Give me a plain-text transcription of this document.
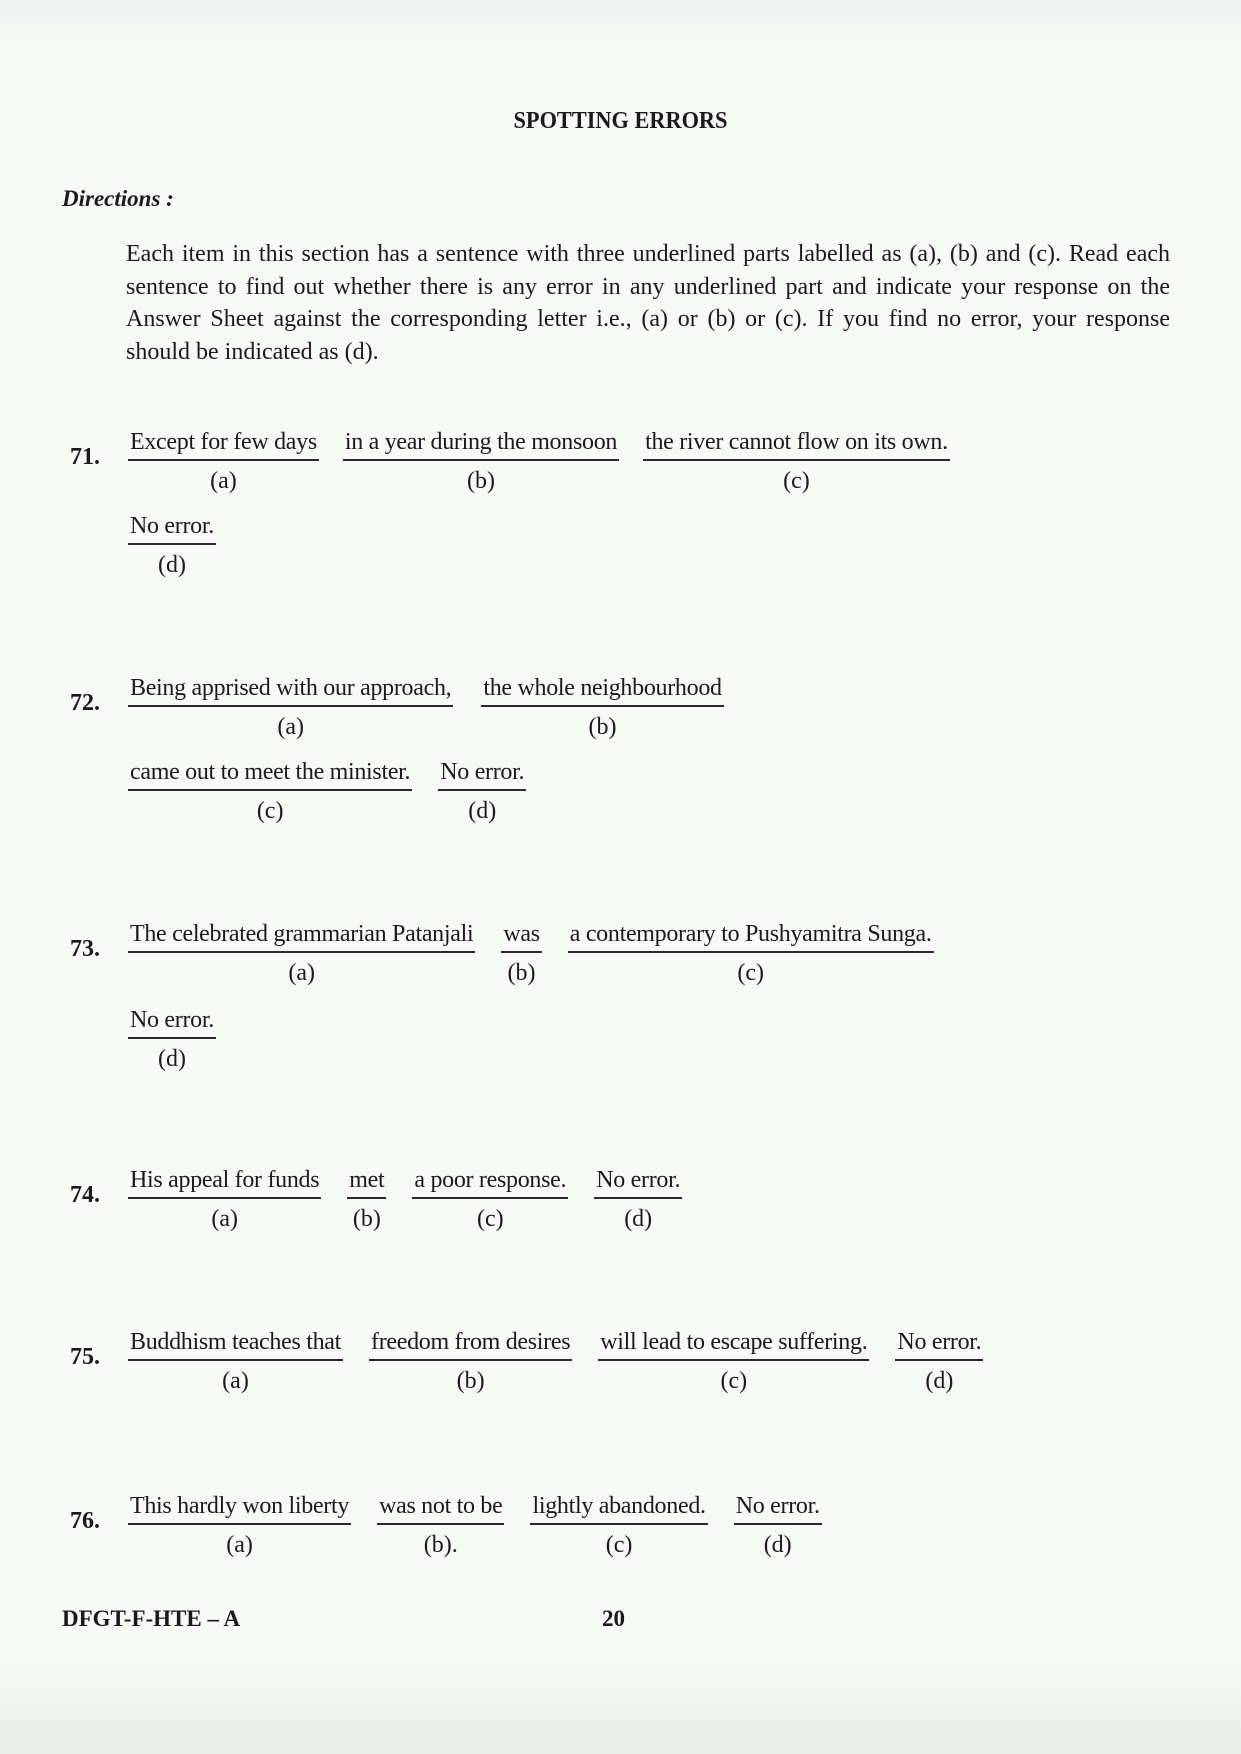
SPOTTING ERRORS
Directions :
Each item in this section has a sentence with three underlined parts labelled as (a), (b) and (c). Read each sentence to find out whether there is any error in any underlined part and indicate your response on the Answer Sheet against the corresponding letter i.e., (a) or (b) or (c). If you find no error, your response should be indicated as (d).
71.
Except for few days
(a)
in a year during the monsoon
(b)
the river cannot flow on its own.
(c)
No error.
(d)
72.
Being apprised with our approach,
(a)
the whole neighbourhood
(b)
came out to meet the minister.
(c)
No error.
(d)
73.
The celebrated grammarian Patanjali
(a)
was
(b)
a contemporary to Pushyamitra Sunga.
(c)
No error.
(d)
74.
His appeal for funds
(a)
met
(b)
a poor response.
(c)
No error.
(d)
75.
Buddhism teaches that
(a)
freedom from desires
(b)
will lead to escape suffering.
(c)
No error.
(d)
76.
This hardly won liberty
(a)
was not to be
(b).
lightly abandoned.
(c)
No error.
(d)
DFGT-F-HTE – A	20
